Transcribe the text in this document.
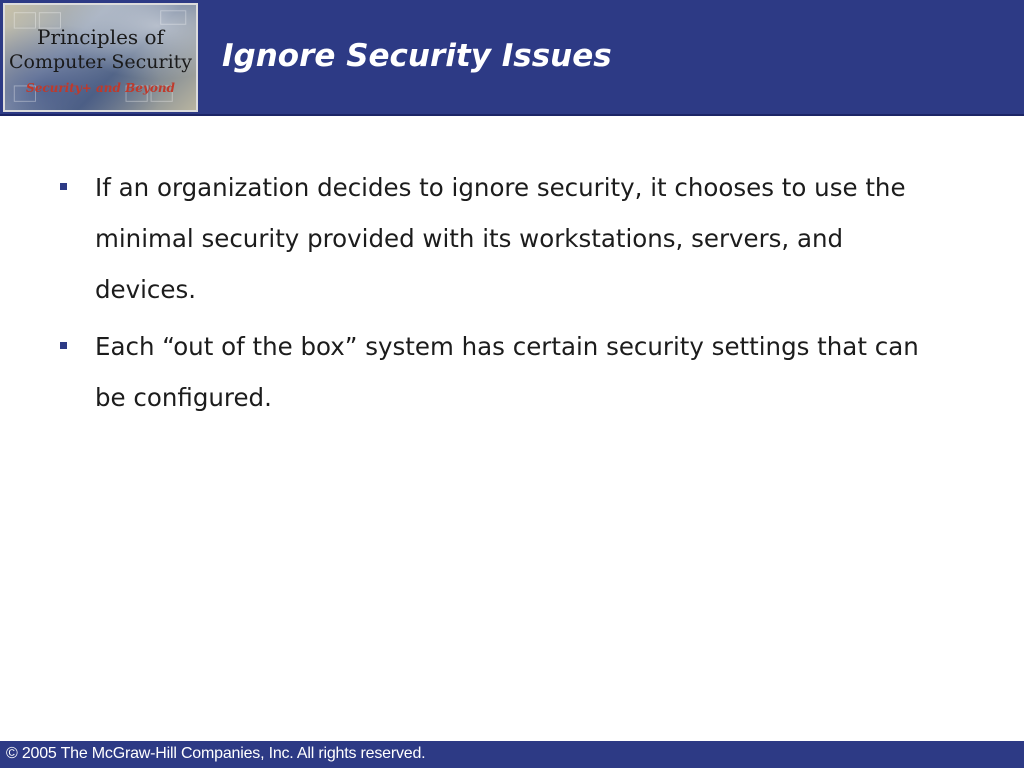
Principles of
Computer Security
Security+ and Beyond
Ignore Security Issues
If an organization decides to ignore security, it chooses to use the minimal security provided with its workstations, servers, and devices.
Each “out of the box” system has certain security settings that can be configured.
© 2005 The McGraw-Hill Companies, Inc. All rights reserved.
